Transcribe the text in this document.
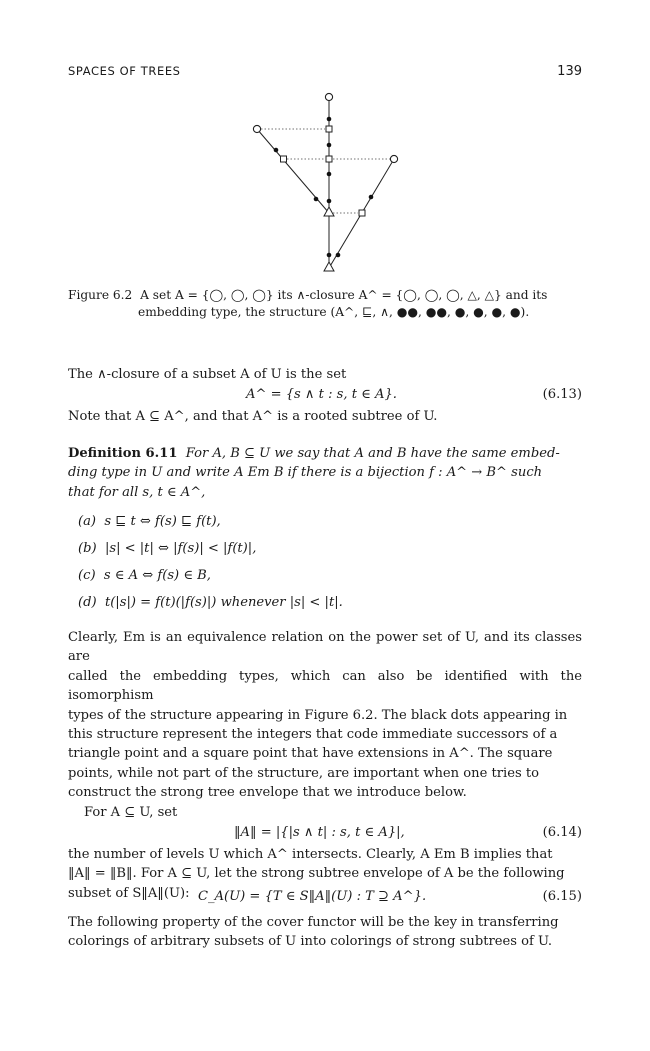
SPACES OF TREES	139
Figure 6.2 A set A = {◯, ◯, ◯} its ∧-closure A^ = {◯, ◯, ◯, △, △} and its
embedding type, the structure (A^, ⊑, ∧, ●●, ●●, ●, ●, ●, ●).

The ∧-closure of a subset A of U is the set

A^ = {s ∧ t : s, t ∈ A}.	(6.13)

Note that A ⊆ A^, and that A^ is a rooted subtree of U.

Definition 6.11 For A, B ⊆ U we say that A and B have the same embed-

ding type in U and write A Em B if there is a bijection f : A^ → B^ such

that for all s, t ∈ A^,

(a) s ⊑ t ⇔ f(s) ⊑ f(t),

(b) |s| < |t| ⇔ |f(s)| < |f(t)|,

(c) s ∈ A ⇔ f(s) ∈ B,

(d) t(|s|) = f(t)(|f(s)|) whenever |s| < |t|.

Clearly, Em is an equivalence relation on the power set of U, and its classes are

called the embedding types, which can also be identified with the isomorphism

types of the structure appearing in Figure 6.2. The black dots appearing in

this structure represent the integers that code immediate successors of a

triangle point and a square point that have extensions in A^. The square

points, while not part of the structure, are important when one tries to

construct the strong tree envelope that we introduce below.

For A ⊆ U, set

‖A‖ = |{|s ∧ t| : s, t ∈ A}|,	(6.14)

the number of levels U which A^ intersects. Clearly, A Em B implies that

‖A‖ = ‖B‖. For A ⊆ U, let the strong subtree envelope of A be the following

subset of S‖A‖(U): C_A(U) = {T ∈ S‖A‖(U) : T ⊇ A^}.	(6.15)

The following property of the cover functor will be the key in transferring

colorings of arbitrary subsets of U into colorings of strong subtrees of U.
